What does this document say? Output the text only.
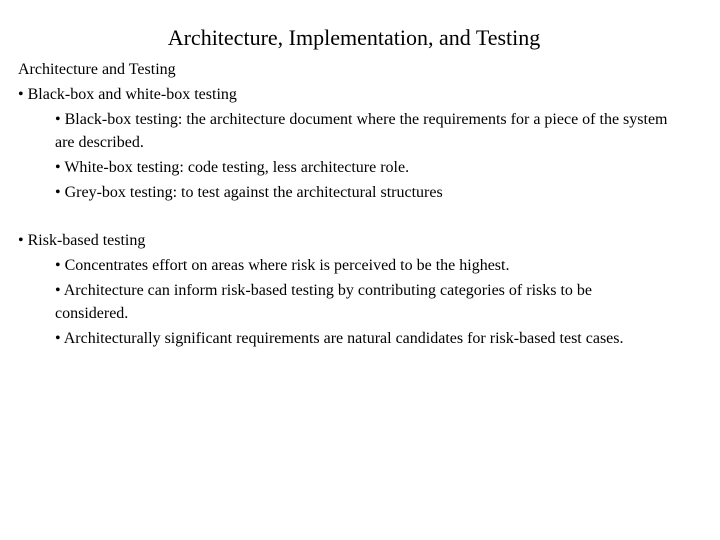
Architecture, Implementation, and Testing

Architecture and Testing

• Black-box and white-box testing

• Black-box testing: the architecture document where the requirements for a piece of the system are described.

• White-box testing: code testing, less architecture role.

• Grey-box testing: to test against the architectural structures

• Risk-based testing

• Concentrates effort on areas where risk is perceived to be the highest.

• Architecture can inform risk-based testing by contributing categories of risks to be considered.

• Architecturally significant requirements are natural candidates for risk-based test cases.
